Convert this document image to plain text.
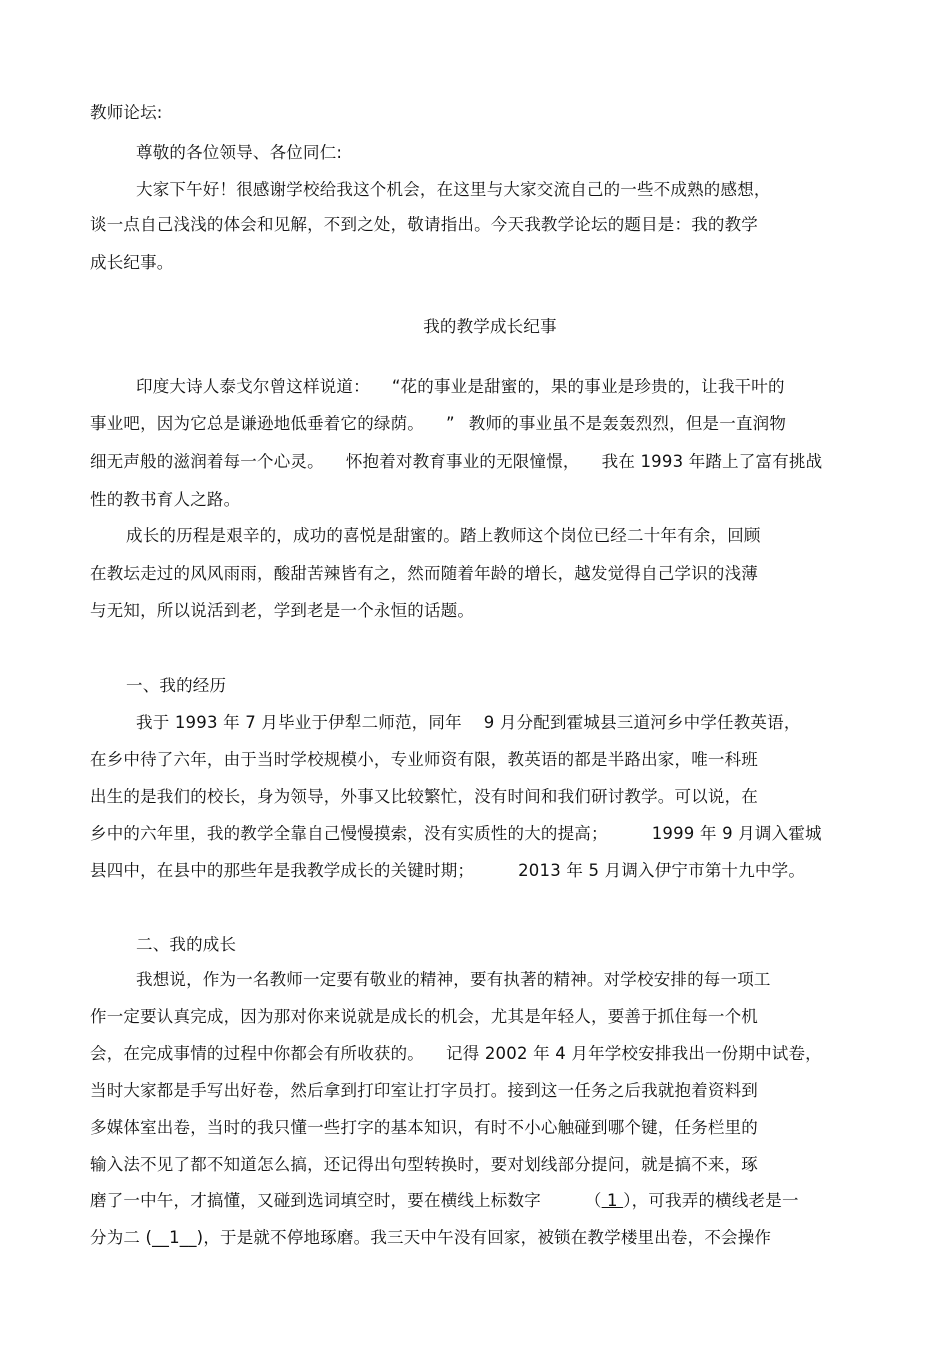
教师论坛:
尊敬的各位领导、各位同仁:
大家下午好！很感谢学校给我这个机会，在这里与大家交流自己的一些不成熟的感想，
谈一点自己浅浅的体会和见解，不到之处，敬请指出。今天我教学论坛的题目是：我的教学
成长纪事。
我的教学成长纪事
印度大诗人泰戈尔曾这样说道： “花的事业是甜蜜的，果的事业是珍贵的，让我干叶的
事业吧，因为它总是谦逊地低垂着它的绿荫。 ” 教师的事业虽不是轰轰烈烈，但是一直润物
细无声般的滋润着每一个心灵。 怀抱着对教育事业的无限憧憬， 我在 1993 年踏上了富有挑战
性的教书育人之路。
成长的历程是艰辛的，成功的喜悦是甜蜜的。踏上教师这个岗位已经二十年有余，回顾
在教坛走过的风风雨雨，酸甜苦辣皆有之，然而随着年龄的增长，越发觉得自己学识的浅薄
与无知，所以说活到老，学到老是一个永恒的话题。
一、我的经历
我于 1993 年 7 月毕业于伊犁二师范，同年 9 月分配到霍城县三道河乡中学任教英语，
在乡中待了六年，由于当时学校规模小，专业师资有限，教英语的都是半路出家，唯一科班
出生的是我们的校长，身为领导，外事又比较繁忙，没有时间和我们研讨教学。可以说，在
乡中的六年里，我的教学全靠自己慢慢摸索，没有实质性的大的提高；	1999 年 9 月调入霍城
县四中，在县中的那些年是我教学成长的关键时期；	2013 年 5 月调入伊宁市第十九中学。
二、我的成长
我想说，作为一名教师一定要有敬业的精神，要有执著的精神。对学校安排的每一项工
作一定要认真完成，因为那对你来说就是成长的机会，尤其是年轻人，要善于抓住每一个机
会，在完成事情的过程中你都会有所收获的。 记得 2002 年 4 月年学校安排我出一份期中试卷，
当时大家都是手写出好卷，然后拿到打印室让打字员打。接到这一任务之后我就抱着资料到
多媒体室出卷，当时的我只懂一些打字的基本知识，有时不小心触碰到哪个键，任务栏里的
输入法不见了都不知道怎么搞，还记得出句型转换时，要对划线部分提问，就是搞不来，琢
磨了一中午，才搞懂，又碰到选词填空时，要在横线上标数字	（ 1 ），可我弄的横线老是一
分为二 (__1__)，于是就不停地琢磨。我三天中午没有回家，被锁在教学楼里出卷，不会操作
